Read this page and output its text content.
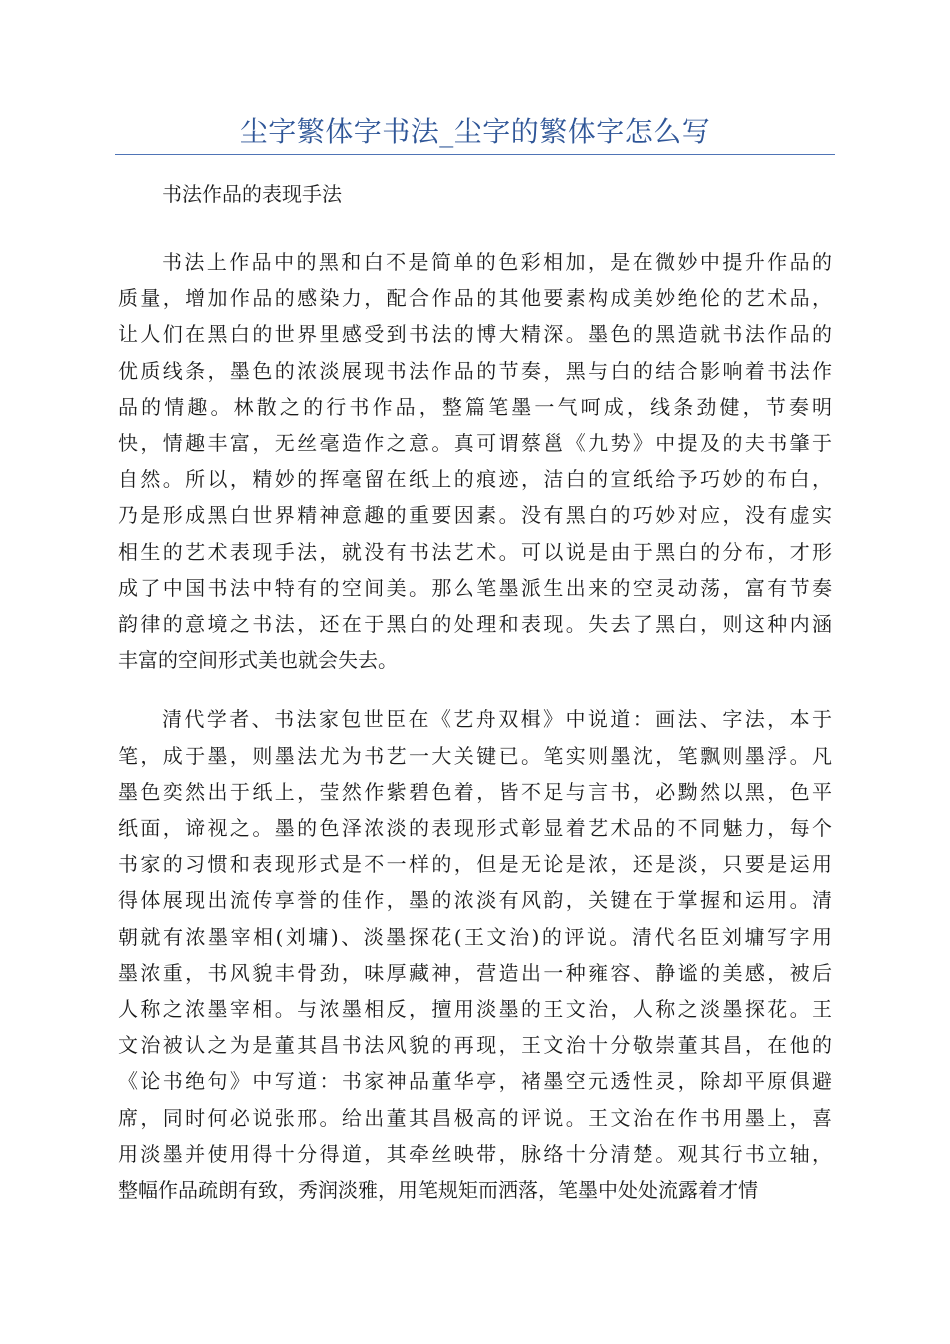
尘字繁体字书法_尘字的繁体字怎么写

书法作品的表现手法

书法上作品中的黑和白不是简单的色彩相加，是在微妙中提升作品的
质量，增加作品的感染力，配合作品的其他要素构成美妙绝伦的艺术品，
让人们在黑白的世界里感受到书法的博大精深。墨色的黑造就书法作品的
优质线条，墨色的浓淡展现书法作品的节奏，黑与白的结合影响着书法作
品的情趣。林散之的行书作品，整篇笔墨一气呵成，线条劲健，节奏明
快，情趣丰富，无丝毫造作之意。真可谓蔡邕《九势》中提及的夫书肇于
自然。所以，精妙的挥毫留在纸上的痕迹，洁白的宣纸给予巧妙的布白，
乃是形成黑白世界精神意趣的重要因素。没有黑白的巧妙对应，没有虚实
相生的艺术表现手法，就没有书法艺术。可以说是由于黑白的分布，才形
成了中国书法中特有的空间美。那么笔墨派生出来的空灵动荡，富有节奏
韵律的意境之书法，还在于黑白的处理和表现。失去了黑白，则这种内涵
丰富的空间形式美也就会失去。
清代学者、书法家包世臣在《艺舟双楫》中说道：画法、字法，本于
笔，成于墨，则墨法尤为书艺一大关键已。笔实则墨沈，笔飘则墨浮。凡
墨色奕然出于纸上，莹然作紫碧色着，皆不足与言书，必黝然以黑，色平
纸面，谛视之。墨的色泽浓淡的表现形式彰显着艺术品的不同魅力，每个
书家的习惯和表现形式是不一样的，但是无论是浓，还是淡，只要是运用
得体展现出流传享誉的佳作，墨的浓淡有风韵，关键在于掌握和运用。清
朝就有浓墨宰相(刘墉)、淡墨探花(王文治)的评说。清代名臣刘墉写字用
墨浓重，书风貌丰骨劲，味厚藏神，营造出一种雍容、静谧的美感，被后
人称之浓墨宰相。与浓墨相反，擅用淡墨的王文治，人称之淡墨探花。王
文治被认之为是董其昌书法风貌的再现，王文治十分敬崇董其昌，在他的
《论书绝句》中写道：书家神品董华亭，褚墨空元透性灵，除却平原俱避
席，同时何必说张邢。给出董其昌极高的评说。王文治在作书用墨上，喜
用淡墨并使用得十分得道，其牵丝映带，脉络十分清楚。观其行书立轴，
整幅作品疏朗有致，秀润淡雅，用笔规矩而洒落，笔墨中处处流露着才情
